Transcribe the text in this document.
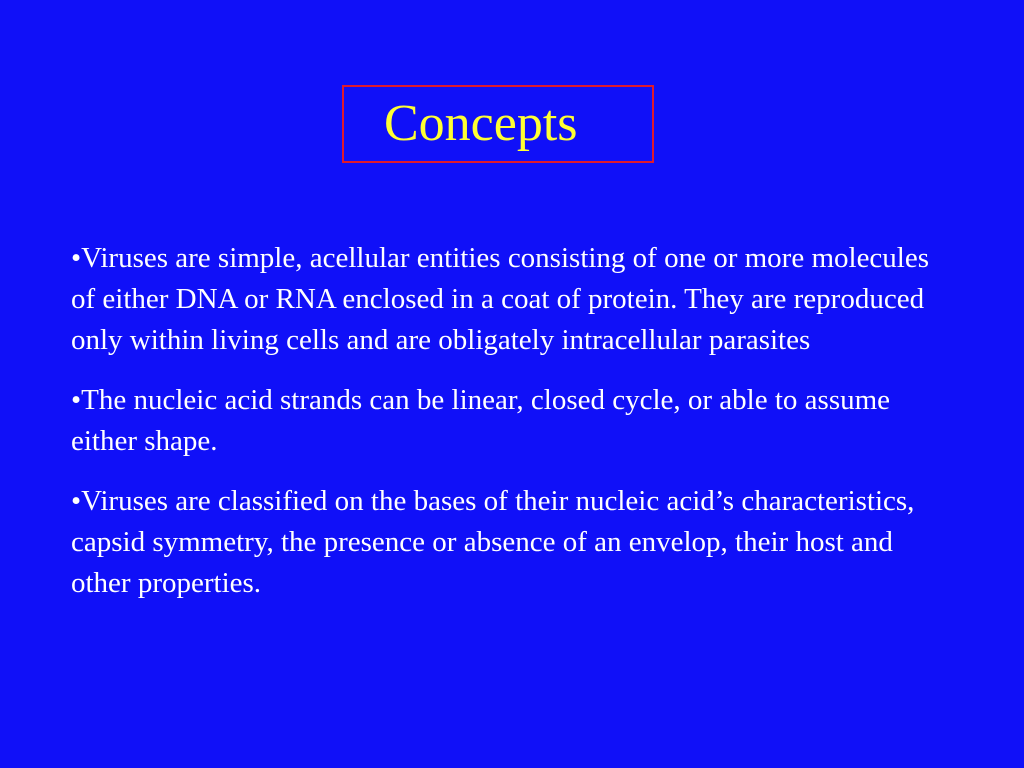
Concepts
•Viruses are simple, acellular entities consisting of one or more molecules of either DNA or RNA enclosed in a coat of protein. They are reproduced only within living cells and are obligately intracellular parasites
•The nucleic acid strands can be linear, closed cycle, or able to assume either shape.
•Viruses are classified on the bases of their nucleic acid’s characteristics, capsid symmetry, the presence or absence of an envelop, their host and other properties.
